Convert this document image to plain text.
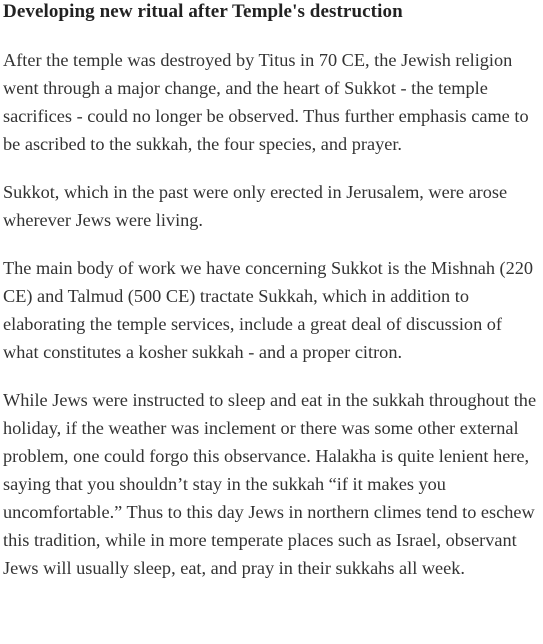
Developing new ritual after Temple's destruction

After the temple was destroyed by Titus in 70 CE, the Jewish religion went through a major change, and the heart of Sukkot - the temple sacrifices - could no longer be observed. Thus further emphasis came to be ascribed to the sukkah, the four species, and prayer.

Sukkot, which in the past were only erected in Jerusalem, were arose wherever Jews were living.

The main body of work we have concerning Sukkot is the Mishnah (220 CE) and Talmud (500 CE) tractate Sukkah, which in addition to elaborating the temple services, include a great deal of discussion of what constitutes a kosher sukkah - and a proper citron.

While Jews were instructed to sleep and eat in the sukkah throughout the holiday, if the weather was inclement or there was some other external problem, one could forgo this observance. Halakha is quite lenient here, saying that you shouldn’t stay in the sukkah “if it makes you uncomfortable.” Thus to this day Jews in northern climes tend to eschew this tradition, while in more temperate places such as Israel, observant Jews will usually sleep, eat, and pray in their sukkahs all week.
